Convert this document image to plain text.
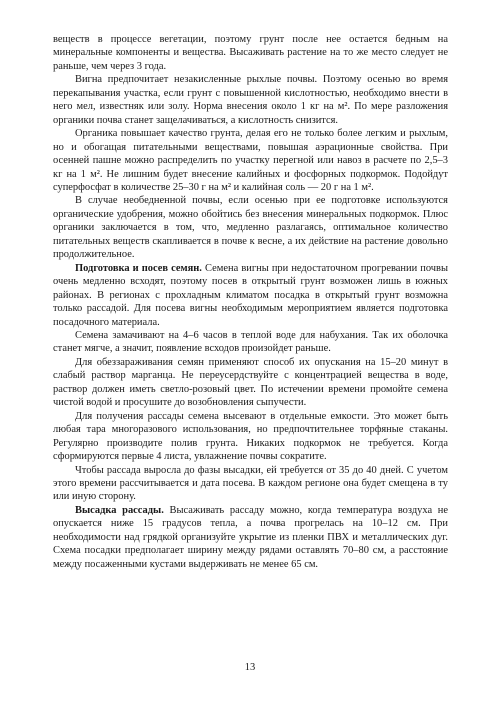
веществ в процессе вегетации, поэтому грунт после нее остается бедным на минеральные компоненты и вещества. Высаживать растение на то же место следует не раньше, чем через 3 года.

Вигна предпочитает незакисленные рыхлые почвы. Поэтому осенью во время перекапывания участка, если грунт с повышенной кислотностью, необходимо внести в него мел, известняк или золу. Норма внесения около 1 кг на м². По мере разложения органики почва станет защелачиваться, а кислотность снизится.

Органика повышает качество грунта, делая его не только более легким и рыхлым, но и обогащая питательными веществами, повышая аэрационные свойства. При осенней пашне можно распределить по участку перегной или навоз в расчете по 2,5–3 кг на 1 м². Не лишним будет внесение калийных и фосфорных подкормок. Подойдут суперфосфат в количестве 25–30 г на м² и калийная соль — 20 г на 1 м².

В случае необедненной почвы, если осенью при ее подготовке используются органические удобрения, можно обойтись без внесения минеральных подкормок. Плюс органики заключается в том, что, медленно разлагаясь, оптимальное количество питательных веществ скапливается в почве к весне, а их действие на растение довольно продолжительное.

Подготовка и посев семян. Семена вигны при недостаточном прогревании почвы очень медленно всходят, поэтому посев в открытый грунт возможен лишь в южных районах. В регионах с прохладным климатом посадка в открытый грунт возможна только рассадой. Для посева вигны необходимым мероприятием является подготовка посадочного материала.

Семена замачивают на 4–6 часов в теплой воде для набухания. Так их оболочка станет мягче, а значит, появление всходов произойдет раньше.

Для обеззараживания семян применяют способ их опускания на 15–20 минут в слабый раствор марганца. Не переусердствуйте с концентрацией вещества в воде, раствор должен иметь светло-розовый цвет. По истечении времени промойте семена чистой водой и просушите до возобновления сыпучести.

Для получения рассады семена высевают в отдельные емкости. Это может быть любая тара многоразового использования, но предпочтительнее торфяные стаканы. Регулярно производите полив грунта. Никаких подкормок не требуется. Когда сформируются первые 4 листа, увлажнение почвы сократите.

Чтобы рассада выросла до фазы высадки, ей требуется от 35 до 40 дней. С учетом этого времени рассчитывается и дата посева. В каждом регионе она будет смещена в ту или иную сторону.

Высадка рассады. Высаживать рассаду можно, когда температура воздуха не опускается ниже 15 градусов тепла, а почва прогрелась на 10–12 см. При необходимости над грядкой организуйте укрытие из пленки ПВХ и металлических дуг. Схема посадки предполагает ширину между рядами оставлять 70–80 см, а расстояние между посаженными кустами выдерживать не менее 65 см.

13
